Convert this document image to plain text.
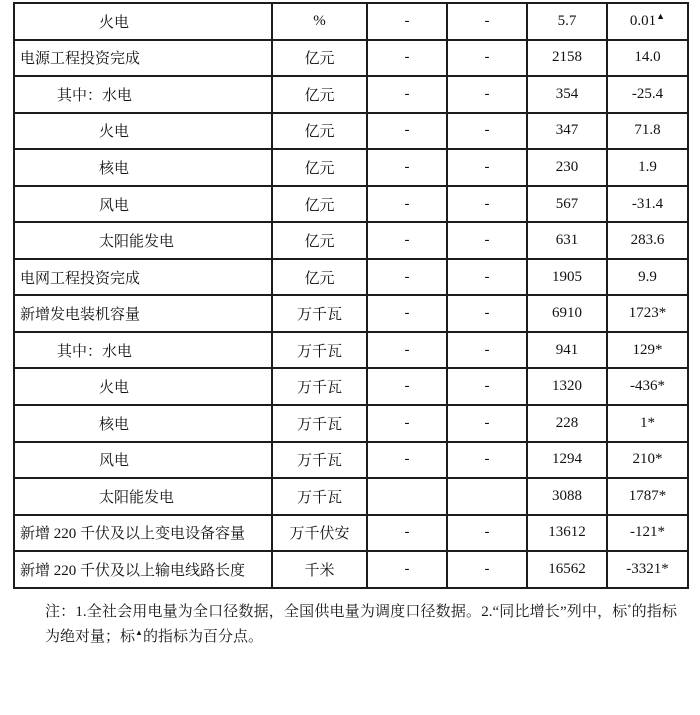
火电	%	-	-	5.7	0.01▲
电源工程投资完成	亿元	-	-	2158	14.0
其中：水电	亿元	-	-	354	-25.4
火电	亿元	-	-	347	71.8
核电	亿元	-	-	230	1.9
风电	亿元	-	-	567	-31.4
太阳能发电	亿元	-	-	631	283.6
电网工程投资完成	亿元	-	-	1905	9.9
新增发电装机容量	万千瓦	-	-	6910	1723*
其中：水电	万千瓦	-	-	941	129*
火电	万千瓦	-	-	1320	-436*
核电	万千瓦	-	-	228	1*
风电	万千瓦	-	-	1294	210*
太阳能发电	万千瓦			3088	1787*
新增 220 千伏及以上变电设备容量	万千伏安	-	-	13612	-121*
新增 220 千伏及以上输电线路长度	千米	-	-	16562	-3321*
注：1.全社会用电量为全口径数据，全国供电量为调度口径数据。2.“同比增长”列中，标*的指标为绝对量；标▲的指标为百分点。
